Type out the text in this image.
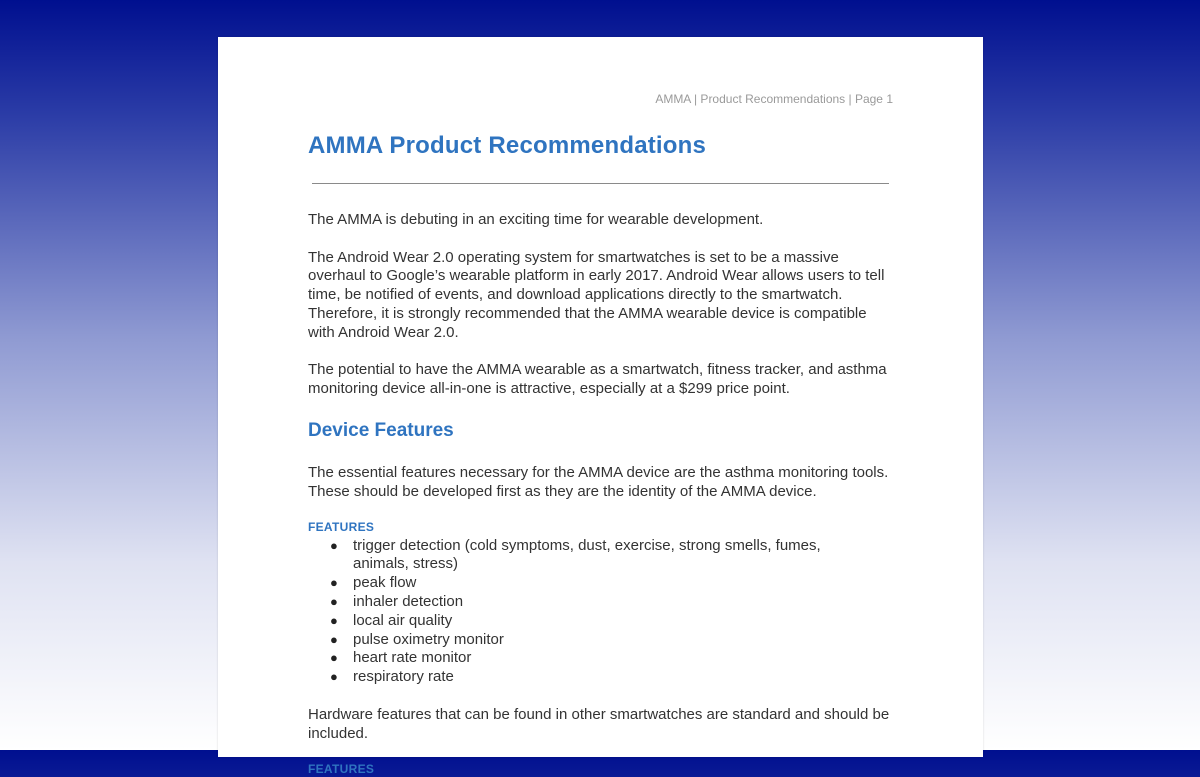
AMMA | Product Recommendations | Page 1
AMMA Product Recommendations

The AMMA is debuting in an exciting time for wearable development.

The Android Wear 2.0 operating system for smartwatches is set to be a massive overhaul to Google’s wearable platform in early 2017. Android Wear allows users to tell time, be notified of events, and download applications directly to the smartwatch. Therefore, it is strongly recommended that the AMMA wearable device is compatible with Android Wear 2.0.

The potential to have the AMMA wearable as a smartwatch, fitness tracker, and asthma monitoring device all-in-one is attractive, especially at a $299 price point.

Device Features

The essential features necessary for the AMMA device are the asthma monitoring tools. These should be developed first as they are the identity of the AMMA device.

FEATURES
● trigger detection (cold symptoms, dust, exercise, strong smells, fumes, animals, stress)
● peak flow
● inhaler detection
● local air quality
● pulse oximetry monitor
● heart rate monitor
● respiratory rate

Hardware features that can be found in other smartwatches are standard and should be included.

FEATURES
